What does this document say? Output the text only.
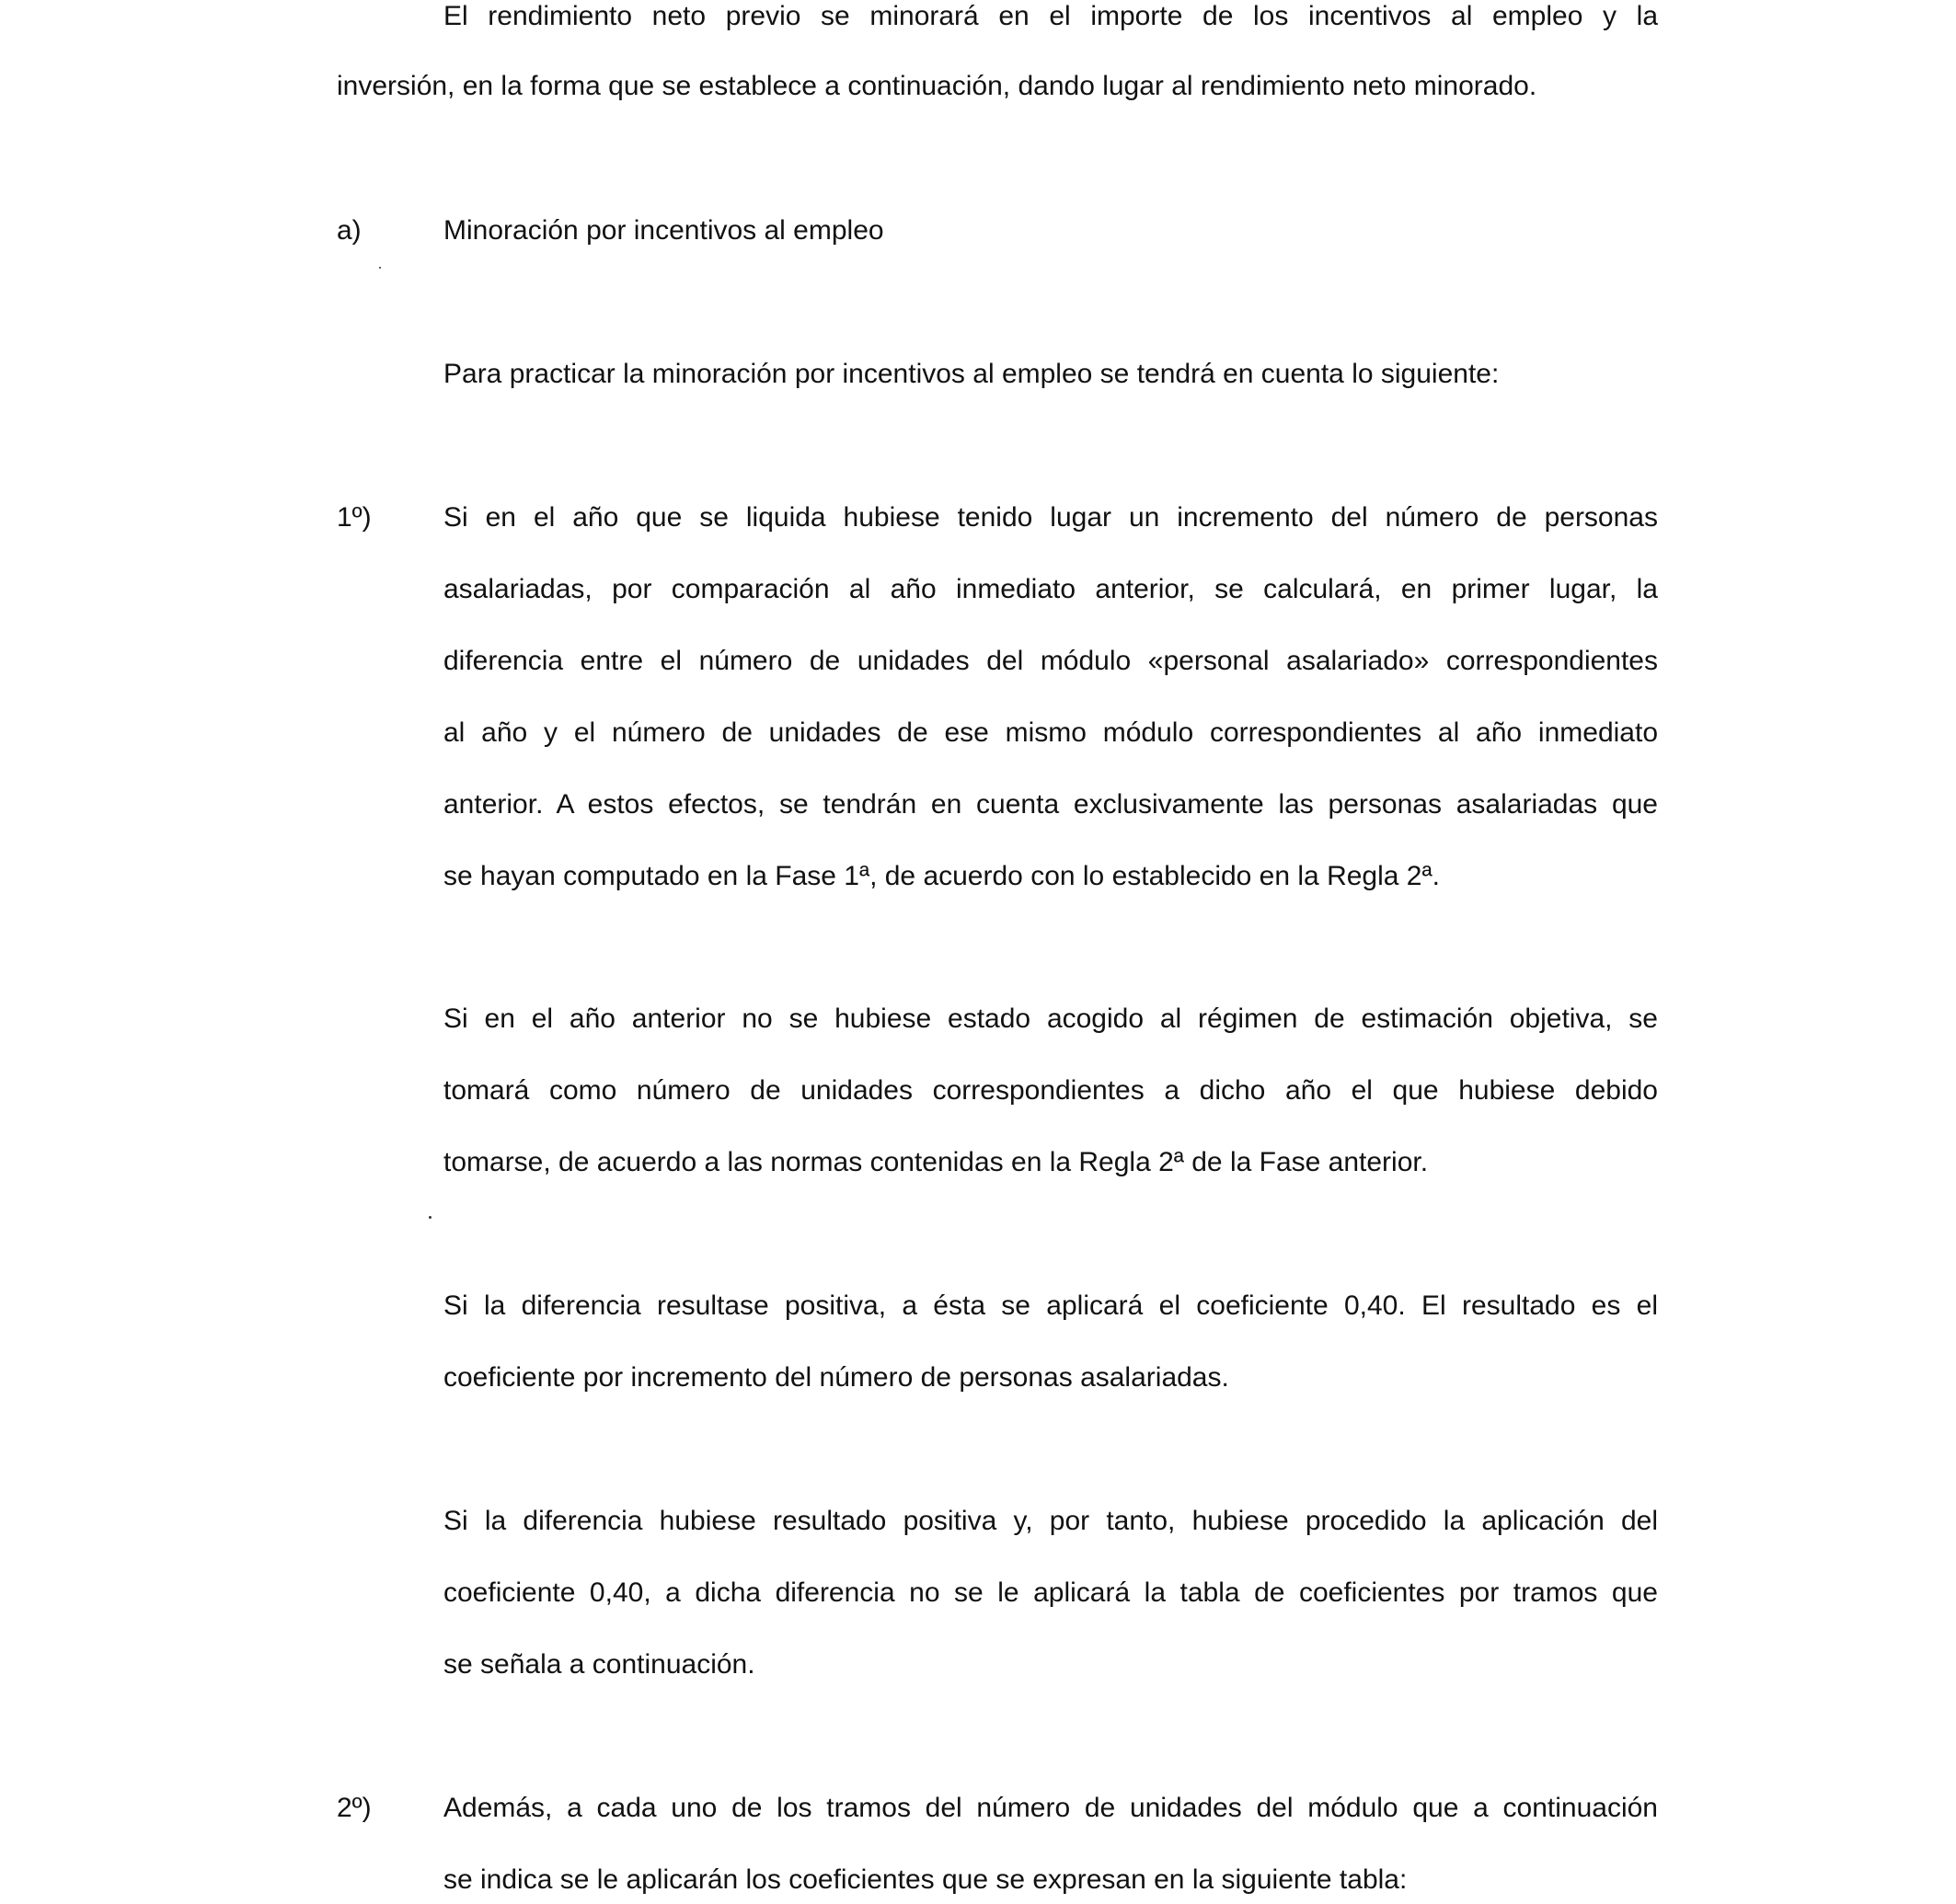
El rendimiento neto previo se minorará en el importe de los incentivos al empleo y la
inversión, en la forma que se establece a continuación, dando lugar al rendimiento neto minorado.
a)	Minoración por incentivos al empleo
Para practicar la minoración por incentivos al empleo se tendrá en cuenta lo siguiente:
1º)	Si en el año que se liquida hubiese tenido lugar un incremento del número de personas
asalariadas, por comparación al año inmediato anterior, se calculará, en primer lugar, la
diferencia entre el número de unidades del módulo «personal asalariado» correspondientes
al año y el número de unidades de ese mismo módulo correspondientes al año inmediato
anterior. A estos efectos, se tendrán en cuenta exclusivamente las personas asalariadas que
se hayan computado en la Fase 1ª, de acuerdo con lo establecido en la Regla 2ª.
Si en el año anterior no se hubiese estado acogido al régimen de estimación objetiva, se
tomará como número de unidades correspondientes a dicho año el que hubiese debido
tomarse, de acuerdo a las normas contenidas en la Regla 2ª de la Fase anterior.
Si la diferencia resultase positiva, a ésta se aplicará el coeficiente 0,40. El resultado es el
coeficiente por incremento del número de personas asalariadas.
Si la diferencia hubiese resultado positiva y, por tanto, hubiese procedido la aplicación del
coeficiente 0,40, a dicha diferencia no se le aplicará la tabla de coeficientes por tramos que
se señala a continuación.
2º)	Además, a cada uno de los tramos del número de unidades del módulo que a continuación
se indica se le aplicarán los coeficientes que se expresan en la siguiente tabla:
